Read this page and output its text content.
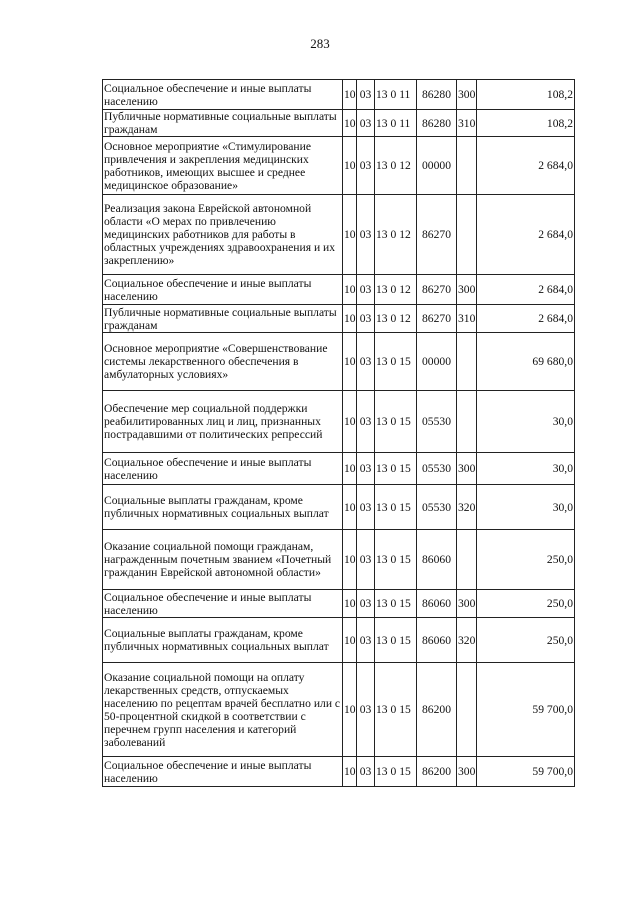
283
Социальное обеспечение и иные выплаты населению	10	03	13 0 11	86280	300	108,2
Публичные нормативные социальные выплаты гражданам	10	03	13 0 11	86280	310	108,2
Основное мероприятие «Стимулирование привлечения и закрепления медицинских работников, имеющих высшее и среднее медицинское образование»	10	03	13 0 12	00000		2 684,0
Реализация закона Еврейской автономной области «О мерах по привлечению медицинских работников для работы в областных учреждениях здравоохранения и их закреплению»	10	03	13 0 12	86270		2 684,0
Социальное обеспечение и иные выплаты населению	10	03	13 0 12	86270	300	2 684,0
Публичные нормативные социальные выплаты гражданам	10	03	13 0 12	86270	310	2 684,0
Основное мероприятие «Совершенствование системы лекарственного обеспечения в амбулаторных условиях»	10	03	13 0 15	00000		69 680,0
Обеспечение мер социальной поддержки реабилитированных лиц и лиц, признанных пострадавшими от политических репрессий	10	03	13 0 15	05530		30,0
Социальное обеспечение и иные выплаты населению	10	03	13 0 15	05530	300	30,0
Социальные выплаты гражданам, кроме публичных нормативных социальных выплат	10	03	13 0 15	05530	320	30,0
Оказание социальной помощи гражданам, награжденным почетным званием «Почетный гражданин Еврейской автономной области»	10	03	13 0 15	86060		250,0
Социальное обеспечение и иные выплаты населению	10	03	13 0 15	86060	300	250,0
Социальные выплаты гражданам, кроме публичных нормативных социальных выплат	10	03	13 0 15	86060	320	250,0
Оказание социальной помощи на оплату лекарственных средств, отпускаемых населению по рецептам врачей бесплатно или с 50-процентной скидкой в соответствии с перечнем групп населения и категорий заболеваний	10	03	13 0 15	86200		59 700,0
Социальное обеспечение и иные выплаты населению	10	03	13 0 15	86200	300	59 700,0
